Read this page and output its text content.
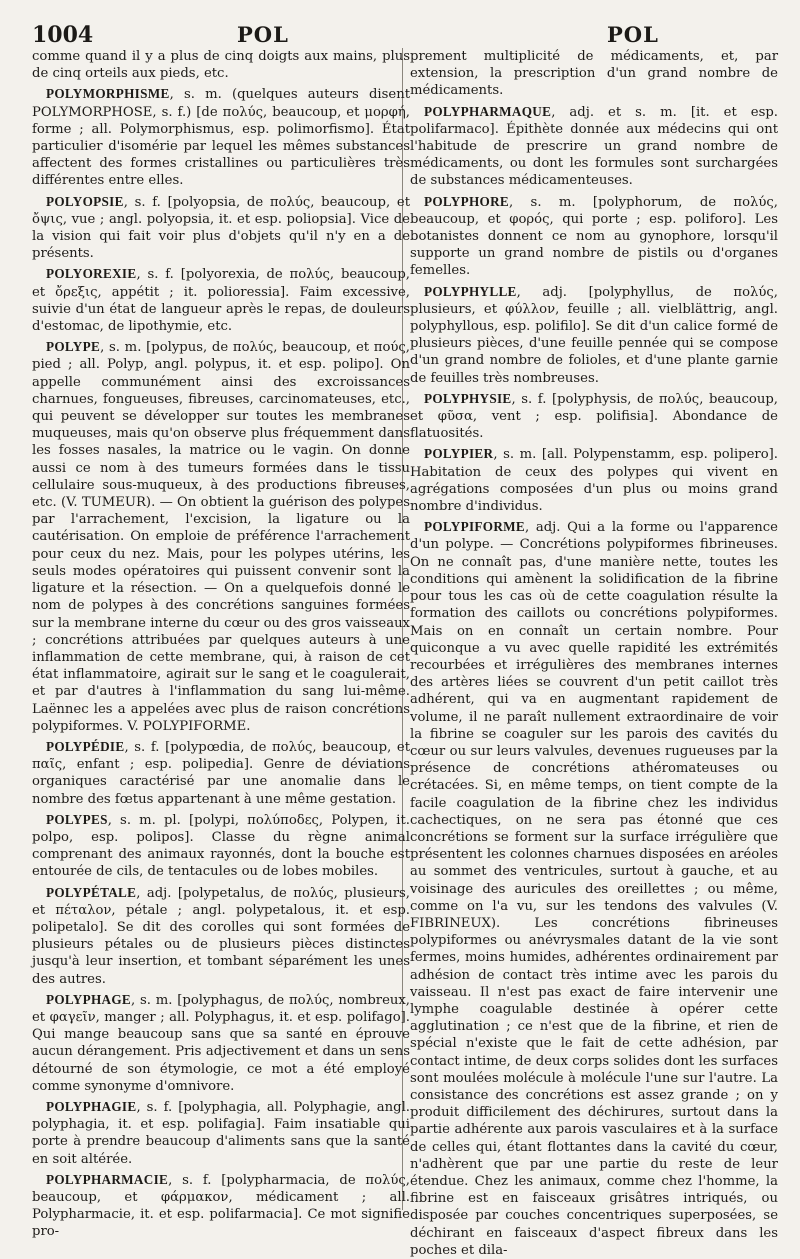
1004	POL	POL

comme quand il y a plus de cinq doigts aux mains, plus de cinq orteils aux pieds, etc.

POLYMORPHISME, s. m. (quelques auteurs disent POLYMORPHOSE, s. f.) [de πολύς, beaucoup, et μορφή, forme ; all. Polymorphismus, esp. polimorfismo]. État particulier d'isomérie par lequel les mêmes substances affectent des formes cristallines ou particulières très différentes entre elles.

POLYOPSIE, s. f. [polyopsia, de πολύς, beaucoup, et ὄψις, vue ; angl. polyopsia, it. et esp. poliopsia]. Vice de la vision qui fait voir plus d'objets qu'il n'y en a de présents.

POLYOREXIE, s. f. [polyorexia, de πολύς, beaucoup, et ὄρεξις, appétit ; it. polioressia]. Faim excessive, suivie d'un état de langueur après le repas, de douleurs d'estomac, de lipothymie, etc.

POLYPE, s. m. [polypus, de πολύς, beaucoup, et πούς, pied ; all. Polyp, angl. polypus, it. et esp. polipo]. On appelle communément ainsi des excroissances charnues, fongueuses, fibreuses, carcinomateuses, etc., qui peuvent se développer sur toutes les membranes muqueuses, mais qu'on observe plus fréquemment dans les fosses nasales, la matrice ou le vagin. On donne aussi ce nom à des tumeurs formées dans le tissu cellulaire sous-muqueux, à des productions fibreuses, etc. (V. TUMEUR). — On obtient la guérison des polypes par l'arrachement, l'excision, la ligature ou la cautérisation. On emploie de préférence l'arrachement pour ceux du nez. Mais, pour les polypes utérins, les seuls modes opératoires qui puissent convenir sont la ligature et la résection. — On a quelquefois donné le nom de polypes à des concrétions sanguines formées sur la membrane interne du cœur ou des gros vaisseaux ; concrétions attribuées par quelques auteurs à une inflammation de cette membrane, qui, à raison de cet état inflammatoire, agirait sur le sang et le coagulerait, et par d'autres à l'inflammation du sang lui-même. Laënnec les a appelées avec plus de raison concrétions polypiformes. V. POLYPIFORME.

POLYPÉDIE, s. f. [polypœdia, de πολύς, beaucoup, et παῖς, enfant ; esp. polipedia]. Genre de déviations organiques caractérisé par une anomalie dans le nombre des fœtus appartenant à une même gestation.

POLYPES, s. m. pl. [polypi, πολύποδες, Polypen, it. polpo, esp. polipos]. Classe du règne animal comprenant des animaux rayonnés, dont la bouche est entourée de cils, de tentacules ou de lobes mobiles.

POLYPÉTALE, adj. [polypetalus, de πολύς, plusieurs, et πέταλον, pétale ; angl. polypetalous, it. et esp. polipetalo]. Se dit des corolles qui sont formées de plusieurs pétales ou de plusieurs pièces distinctes jusqu'à leur insertion, et tombant séparément les unes des autres.

POLYPHAGE, s. m. [polyphagus, de πολύς, nombreux, et φαγεῖν, manger ; all. Polyphagus, it. et esp. polifago]. Qui mange beaucoup sans que sa santé en éprouve aucun dérangement. Pris adjectivement et dans un sens détourné de son étymologie, ce mot a été employé comme synonyme d'omnivore.

POLYPHAGIE, s. f. [polyphagia, all. Polyphagie, angl. polyphagia, it. et esp. polifagia]. Faim insatiable qui porte à prendre beaucoup d'aliments sans que la santé en soit altérée.

POLYPHARMACIE, s. f. [polypharmacia, de πολύς, beaucoup, et φάρμακον, médicament ; all. Polypharmacie, it. et esp. polifarmacia]. Ce mot signifie pro-

prement multiplicité de médicaments, et, par extension, la prescription d'un grand nombre de médicaments.

POLYPHARMAQUE, adj. et s. m. [it. et esp. polifarmaco]. Épithète donnée aux médecins qui ont l'habitude de prescrire un grand nombre de médicaments, ou dont les formules sont surchargées de substances médicamenteuses.

POLYPHORE, s. m. [polyphorum, de πολύς, beaucoup, et φορός, qui porte ; esp. poliforo]. Les botanistes donnent ce nom au gynophore, lorsqu'il supporte un grand nombre de pistils ou d'organes femelles.

POLYPHYLLE, adj. [polyphyllus, de πολύς, plusieurs, et φύλλον, feuille ; all. vielblättrig, angl. polyphyllous, esp. polifilo]. Se dit d'un calice formé de plusieurs pièces, d'une feuille pennée qui se compose d'un grand nombre de folioles, et d'une plante garnie de feuilles très nombreuses.

POLYPHYSIE, s. f. [polyphysis, de πολύς, beaucoup, et φῦσα, vent ; esp. polifisia]. Abondance de flatuosités.

POLYPIER, s. m. [all. Polypenstamm, esp. polipero]. Habitation de ceux des polypes qui vivent en agrégations composées d'un plus ou moins grand nombre d'individus.

POLYPIFORME, adj. Qui a la forme ou l'apparence d'un polype. — Concrétions polypiformes fibrineuses. On ne connaît pas, d'une manière nette, toutes les conditions qui amènent la solidification de la fibrine pour tous les cas où de cette coagulation résulte la formation des caillots ou concrétions polypiformes. Mais on en connaît un certain nombre. Pour quiconque a vu avec quelle rapidité les extrémités recourbées et irrégulières des membranes internes des artères liées se couvrent d'un petit caillot très adhérent, qui va en augmentant rapidement de volume, il ne paraît nullement extraordinaire de voir la fibrine se coaguler sur les parois des cavités du cœur ou sur leurs valvules, devenues rugueuses par la présence de concrétions athéromateuses ou crétacées. Si, en même temps, on tient compte de la facile coagulation de la fibrine chez les individus cachectiques, on ne sera pas étonné que ces concrétions se forment sur la surface irrégulière que présentent les colonnes charnues disposées en aréoles au sommet des ventricules, surtout à gauche, et au voisinage des auricules des oreillettes ; ou même, comme on l'a vu, sur les tendons des valvules (V. FIBRINEUX). Les concrétions fibrineuses polypiformes ou anévrysmales datant de la vie sont fermes, moins humides, adhérentes ordinairement par adhésion de contact très intime avec les parois du vaisseau. Il n'est pas exact de faire intervenir une lymphe coagulable destinée à opérer cette agglutination ; ce n'est que de la fibrine, et rien de spécial n'existe que le fait de cette adhésion, par contact intime, de deux corps solides dont les surfaces sont moulées molécule à molécule l'une sur l'autre. La consistance des concrétions est assez grande ; on y produit difficilement des déchirures, surtout dans la partie adhérente aux parois vasculaires et à la surface de celles qui, étant flottantes dans la cavité du cœur, n'adhèrent que par une partie du reste de leur étendue. Chez les animaux, comme chez l'homme, la fibrine est en faisceaux grisâtres intriqués, ou disposée par couches concentriques superposées, se déchirant en faisceaux d'aspect fibreux dans les poches et dila-
